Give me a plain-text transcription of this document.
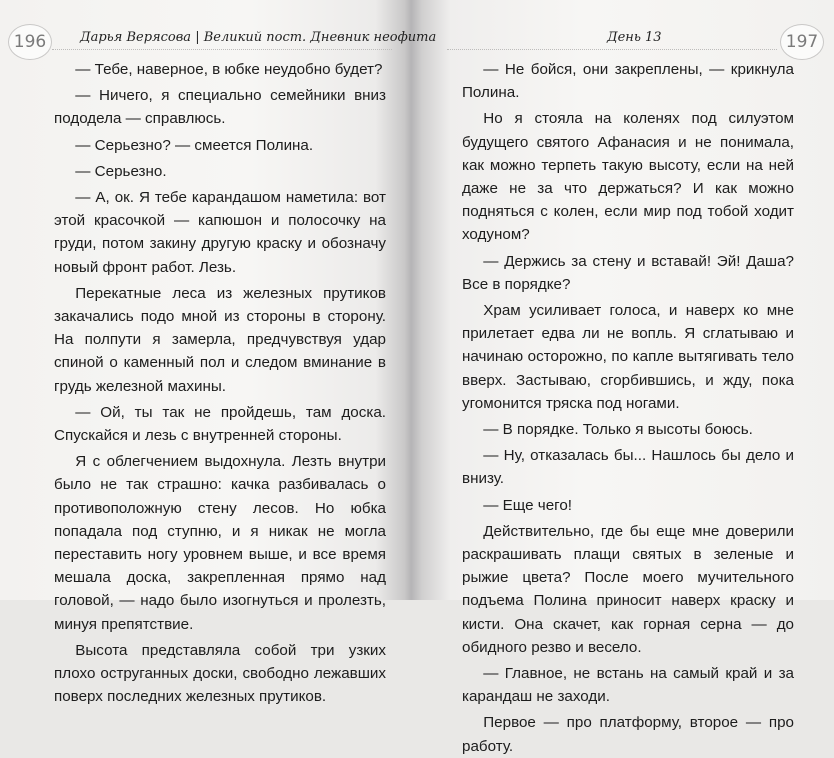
196	Дарья Верясова | Великий пост. Дневник неофита

— Тебе, наверное, в юбке неудобно будет?

— Ничего, я специально семейники вниз пододела — справлюсь.

— Серьезно? — смеется Полина.

— Серьезно.

— А, ок. Я тебе карандашом наметила: вот этой красочкой — капюшон и полосочку на груди, потом закину другую краску и обозначу новый фронт работ. Лезь.

Перекатные леса из железных прутиков закачались подо мной из стороны в сторону. На полпути я замерла, предчувствуя удар спиной о каменный пол и следом вминание в грудь железной махины.

— Ой, ты так не пройдешь, там доска. Спускайся и лезь с внутренней стороны.

Я с облегчением выдохнула. Лезть внутри было не так страшно: качка разбивалась о противоположную стену лесов. Но юбка попадала под ступню, и я никак не могла переставить ногу уровнем выше, и все время мешала доска, закрепленная прямо над головой, — надо было изогнуться и пролезть, минуя препятствие.

Высота представляла собой три узких плохо оструганных доски, свободно лежавших поверх последних железных прутиков.

День 13	197

— Не бойся, они закреплены, — крикнула Полина.

Но я стояла на коленях под силуэтом будущего святого Афанасия и не понимала, как можно терпеть такую высоту, если на ней даже не за что держаться? И как можно подняться с колен, если мир под тобой ходит ходуном?

— Держись за стену и вставай! Эй! Даша? Все в порядке?

Храм усиливает голоса, и наверх ко мне прилетает едва ли не вопль. Я сглатываю и начинаю осторожно, по капле вытягивать тело вверх. Застываю, сгорбившись, и жду, пока угомонится тряска под ногами.

— В порядке. Только я высоты боюсь.

— Ну, отказалась бы... Нашлось бы дело и внизу.

— Еще чего!

Действительно, где бы еще мне доверили раскрашивать плащи святых в зеленые и рыжие цвета? После моего мучительного подъема Полина приносит наверх краску и кисти. Она скачет, как горная серна — до обидного резво и весело.

— Главное, не встань на самый край и за карандаш не заходи.

Первое — про платформу, второе — про работу.
